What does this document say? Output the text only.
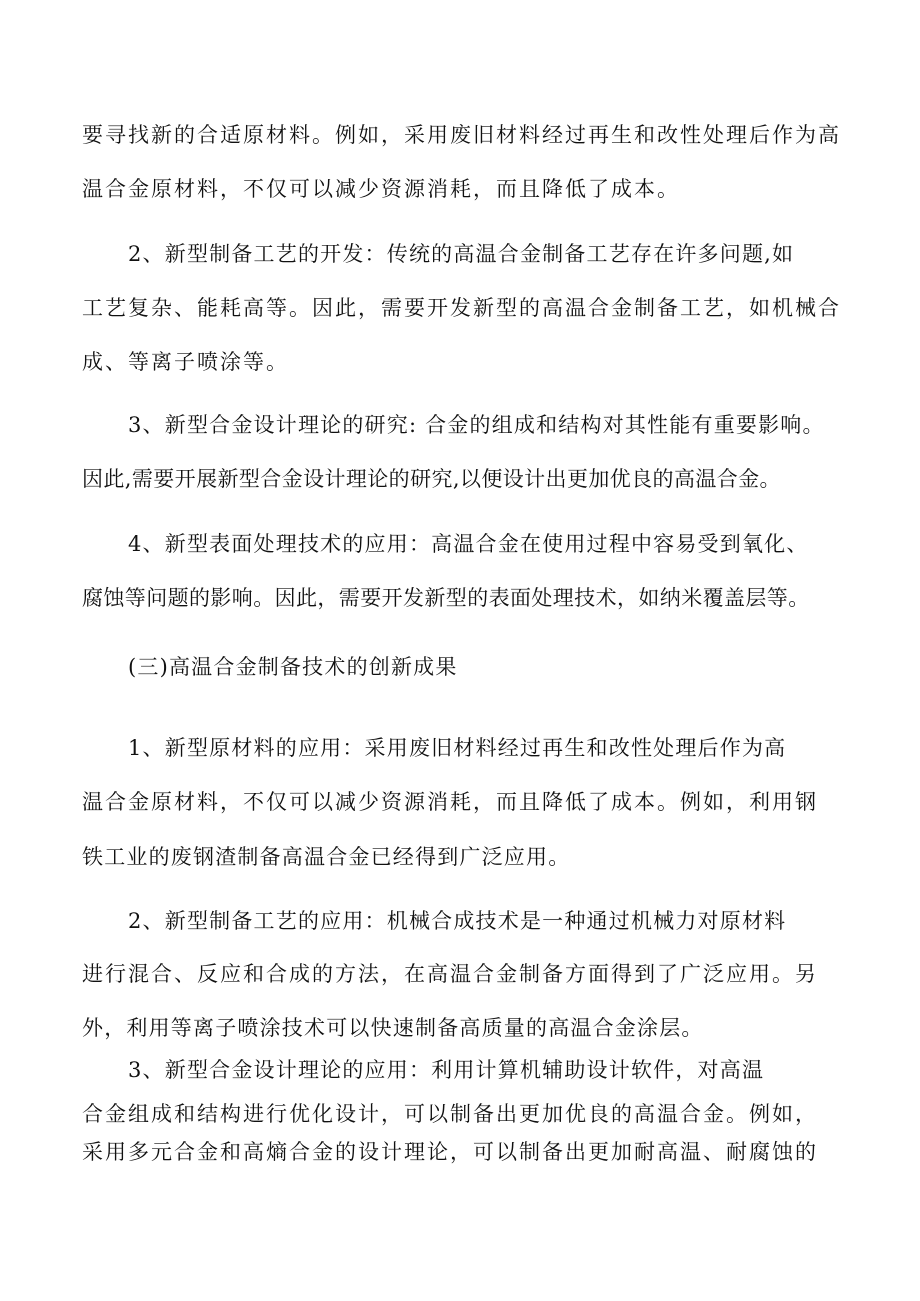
要寻找新的合适原材料。例如，采用废旧材料经过再生和改性处理后作为高
温合金原材料，不仅可以减少资源消耗，而且降低了成本。
2、新型制备工艺的开发：传统的高温合金制备工艺存在许多问题,如
工艺复杂、能耗高等。因此，需要开发新型的高温合金制备工艺，如机械合
成、等离子喷涂等。
3、新型合金设计理论的研究: 合金的组成和结构对其性能有重要影响。
因此,需要开展新型合金设计理论的研究,以便设计出更加优良的高温合金。
4、新型表面处理技术的应用：高温合金在使用过程中容易受到氧化、
腐蚀等问题的影响。因此，需要开发新型的表面处理技术，如纳米覆盖层等。
(三)高温合金制备技术的创新成果
1、新型原材料的应用：采用废旧材料经过再生和改性处理后作为高
温合金原材料，不仅可以减少资源消耗，而且降低了成本。例如，利用钢
铁工业的废钢渣制备高温合金已经得到广泛应用。
2、新型制备工艺的应用：机械合成技术是一种通过机械力对原材料
进行混合、反应和合成的方法，在高温合金制备方面得到了广泛应用。另
外，利用等离子喷涂技术可以快速制备高质量的高温合金涂层。
3、新型合金设计理论的应用：利用计算机辅助设计软件，对高温
合金组成和结构进行优化设计，可以制备出更加优良的高温合金。例如，
采用多元合金和高熵合金的设计理论，可以制备出更加耐高温、耐腐蚀的
